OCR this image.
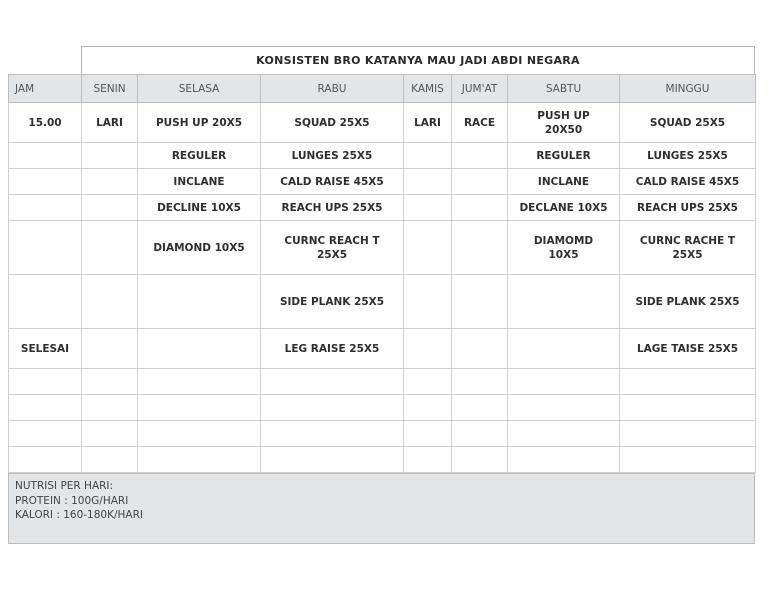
KONSISTEN BRO KATANYA MAU JADI ABDI NEGARA
JAM	SENIN	SELASA	RABU	KAMIS	JUM'AT	SABTU	MINGGU
15.00	LARI	PUSH UP 20X5	SQUAD 25X5	LARI	RACE	PUSH UP 20X50	SQUAD 25X5
		REGULER	LUNGES 25X5			REGULER	LUNGES 25X5
		INCLANE	CALD RAISE 45X5			INCLANE	CALD RAISE 45X5
		DECLINE 10X5	REACH UPS 25X5			DECLANE 10X5	REACH UPS 25X5
		DIAMOND 10X5	CURNC REACH T 25X5			DIAMOMD 10X5	CURNC RACHE T 25X5
			SIDE PLANK 25X5				SIDE PLANK 25X5
SELESAI			LEG RAISE 25X5				LAGE TAISE 25X5

NUTRISI PER HARI:
PROTEIN : 100G/HARI
KALORI : 160-180K/HARI
